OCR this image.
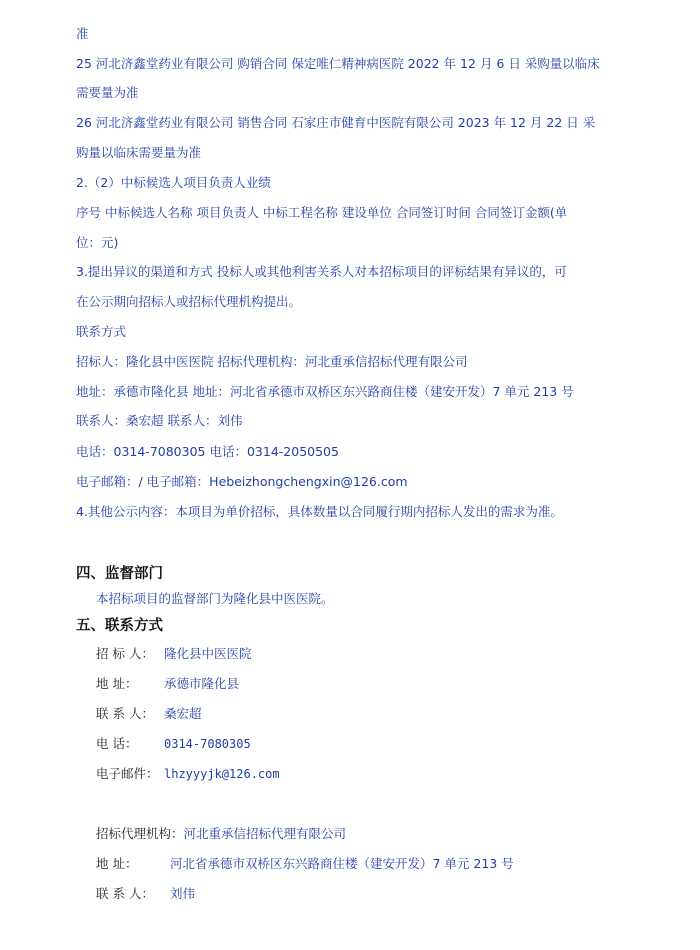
准
25 河北济鑫堂药业有限公司 购销合同 保定唯仁精神病医院 2022 年 12 月 6 日 采购量以临床
需要量为准
26 河北济鑫堂药业有限公司 销售合同 石家庄市健育中医院有限公司 2023 年 12 月 22 日 采
购量以临床需要量为准
2.（2）中标候选人项目负责人业绩
序号 中标候选人名称 项目负责人 中标工程名称 建设单位 合同签订时间 合同签订金额(单
位：元)
3.提出异议的渠道和方式 投标人或其他利害关系人对本招标项目的评标结果有异议的，可
在公示期向招标人或招标代理机构提出。
联系方式
招标人：隆化县中医医院 招标代理机构：河北重承信招标代理有限公司
地址：承德市隆化县 地址：河北省承德市双桥区东兴路商住楼（建安开发）7 单元 213 号
联系人：桑宏超 联系人：刘伟
电话：0314-7080305 电话：0314-2050505
电子邮箱：/ 电子邮箱：Hebeizhongchengxin@126.com
4.其他公示内容：本项目为单价招标，具体数量以合同履行期内招标人发出的需求为准。
四、监督部门
本招标项目的监督部门为隆化县中医医院。
五、联系方式
招 标 人： 隆化县中医医院
地 址： 承德市隆化县
联 系 人： 桑宏超
电 话： 0314-7080305
电子邮件： lhzyyyjk@126.com
招标代理机构：河北重承信招标代理有限公司
地 址：	河北省承德市双桥区东兴路商住楼（建安开发）7 单元 213 号
联 系 人： 刘伟
